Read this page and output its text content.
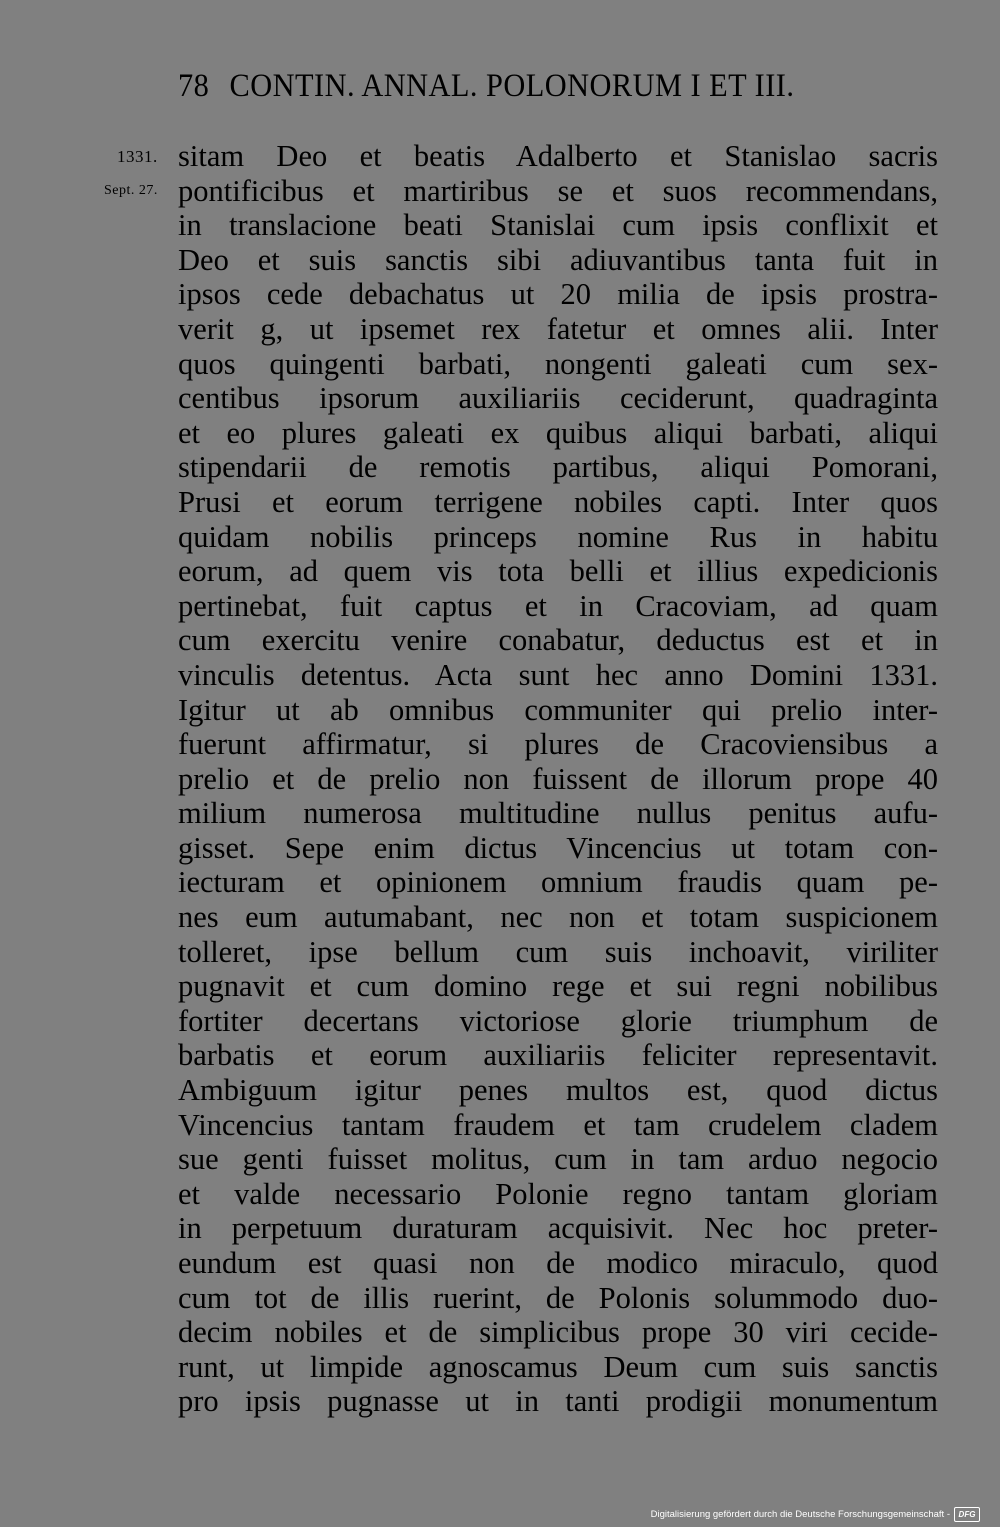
78 CONTIN. ANNAL. POLONORUM I ET III.
1331.
Sept. 27.
sitam Deo et beatis Adalberto et Stanislao sacris
pontificibus et martiribus se et suos recommendans,
in translacione beati Stanislai cum ipsis conflixit et
Deo et suis sanctis sibi adiuvantibus tanta fuit in
ipsos cede debachatus ut 20 milia de ipsis prostra-
verit g, ut ipsemet rex fatetur et omnes alii. Inter
quos quingenti barbati, nongenti galeati cum sex-
centibus ipsorum auxiliariis ceciderunt, quadraginta
et eo plures galeati ex quibus aliqui barbati, aliqui
stipendarii de remotis partibus, aliqui Pomorani,
Prusi et eorum terrigene nobiles capti. Inter quos
quidam nobilis princeps nomine Rus in habitu
eorum, ad quem vis tota belli et illius expedicionis
pertinebat, fuit captus et in Cracoviam, ad quam
cum exercitu venire conabatur, deductus est et in
vinculis detentus. Acta sunt hec anno Domini 1331.
Igitur ut ab omnibus communiter qui prelio inter-
fuerunt affirmatur, si plures de Cracoviensibus a
prelio et de prelio non fuissent de illorum prope 40
milium numerosa multitudine nullus penitus aufu-
gisset. Sepe enim dictus Vincencius ut totam con-
iecturam et opinionem omnium fraudis quam pe-
nes eum autumabant, nec non et totam suspicionem
tolleret, ipse bellum cum suis inchoavit, viriliter
pugnavit et cum domino rege et sui regni nobilibus
fortiter decertans victoriose glorie triumphum de
barbatis et eorum auxiliariis feliciter representavit.
Ambiguum igitur penes multos est, quod dictus
Vincencius tantam fraudem et tam crudelem cladem
sue genti fuisset molitus, cum in tam arduo negocio
et valde necessario Polonie regno tantam gloriam
in perpetuum duraturam acquisivit. Nec hoc preter-
eundum est quasi non de modico miraculo, quod
cum tot de illis ruerint, de Polonis solummodo duo-
decim nobiles et de simplicibus prope 30 viri cecide-
runt, ut limpide agnoscamus Deum cum suis sanctis
pro ipsis pugnasse ut in tanti prodigii monumentum
Digitalisierung gefördert durch die Deutsche Forschungsgemeinschaft -	DFG
